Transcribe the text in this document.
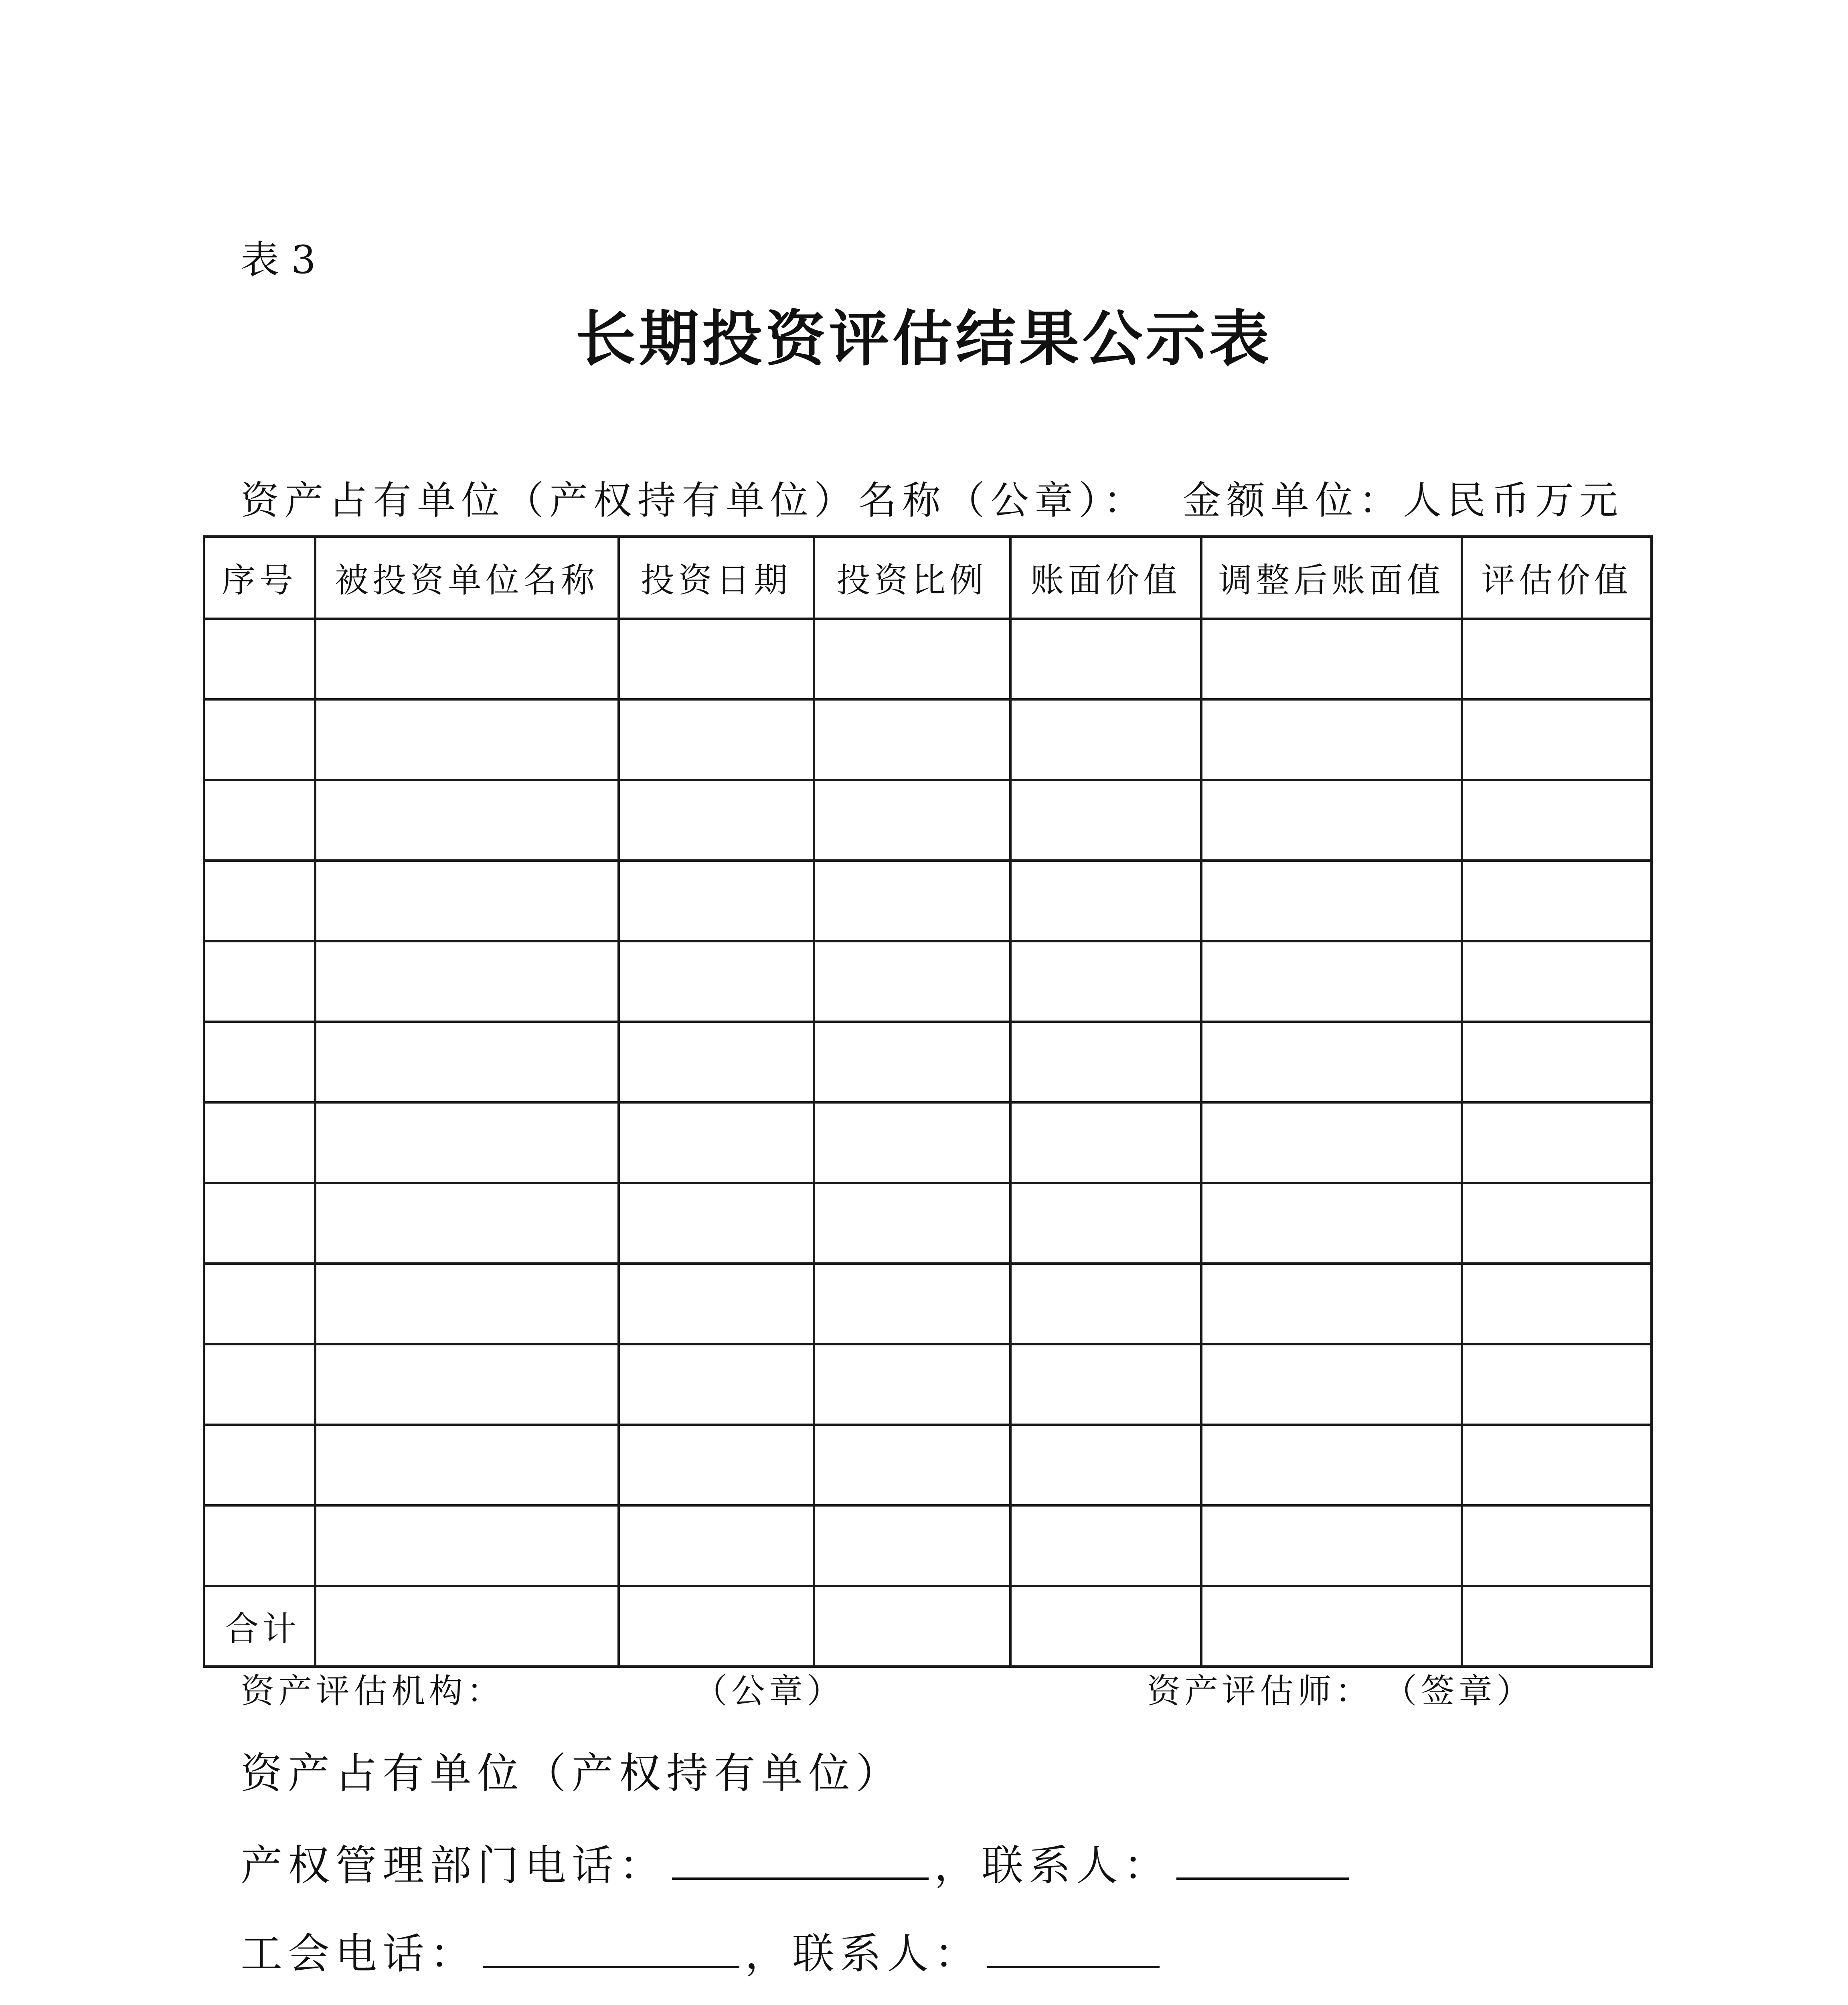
表 3
长期投资评估结果公示表
资产占有单位（产权持有单位）名称（公章）： 金额单位：人民币万元
序号	被投资单位名称	投资日期	投资比例	账面价值	调整后账面值	评估价值

合计						
资产评估机构：	（公章）	资产评估师： （签章）
资产占有单位（产权持有单位）
产权管理部门电话：	，联系人：
工会电话：	，联系人：
